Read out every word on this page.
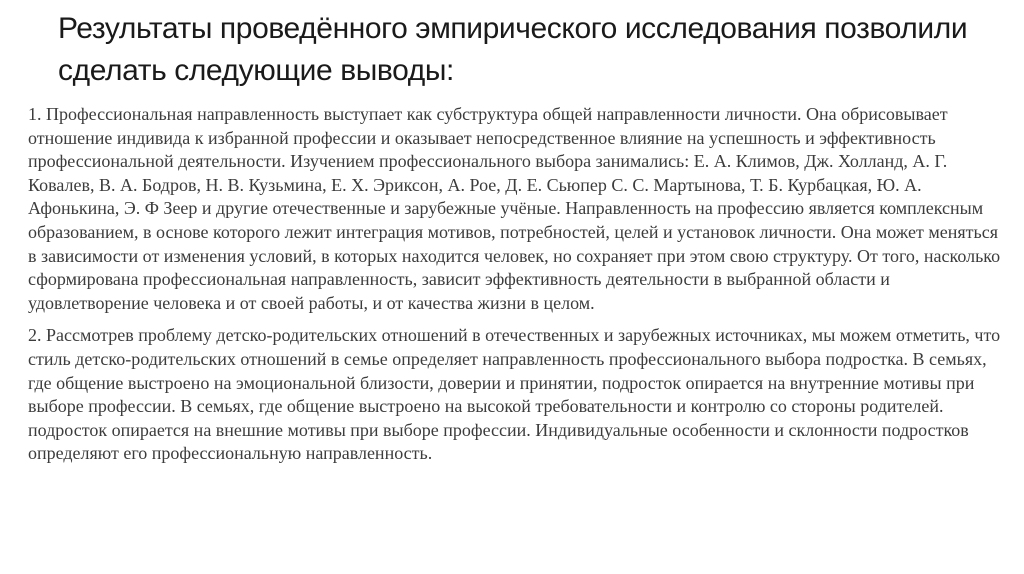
Результаты проведённого эмпирического исследования позволили сделать следующие выводы:

1. Профессиональная направленность выступает как субструктура общей направленности личности. Она обрисовывает отношение индивида к избранной профессии и оказывает непосредственное влияние на успешность и эффективность профессиональной деятельности. Изучением профессионального выбора занимались: Е. А. Климов, Дж. Холланд, А. Г. Ковалев, В. А. Бодров, Н. В. Кузьмина, Е. Х. Эриксон, А. Рое, Д. Е. Сьюпер С. С. Мартынова, Т. Б. Курбацкая, Ю. А. Афонькина, Э. Ф Зеер и другие отечественные и зарубежные учёные. Направленность на профессию является комплексным образованием, в основе которого лежит интеграция мотивов, потребностей, целей и установок личности. Она может меняться в зависимости от изменения условий, в которых находится человек, но сохраняет при этом свою структуру. От того, насколько сформирована профессиональная направленность, зависит эффективность деятельности в выбранной области и удовлетворение человека и от своей работы, и от качества жизни в целом.

2. Рассмотрев проблему детско-родительских отношений в отечественных и зарубежных источниках, мы можем отметить, что стиль детско-родительских отношений в семье определяет направленность профессионального выбора подростка. В семьях, где общение выстроено на эмоциональной близости, доверии и принятии, подросток опирается на внутренние мотивы при выборе профессии. В семьях, где общение выстроено на высокой требовательности и контролю со стороны родителей. подросток опирается на внешние мотивы при выборе профессии. Индивидуальные особенности и склонности подростков определяют его профессиональную направленность.
